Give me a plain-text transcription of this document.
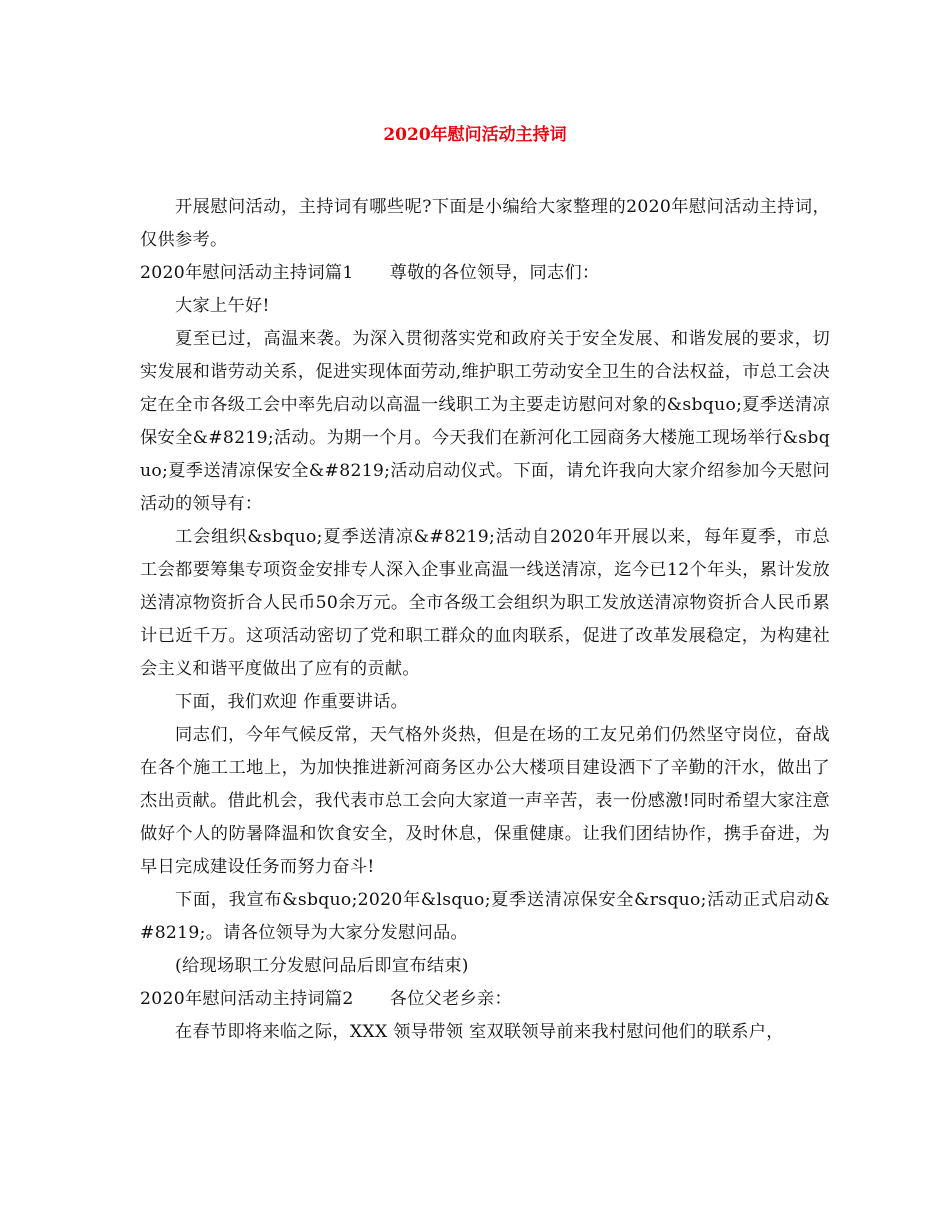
2020年慰问活动主持词

开展慰问活动，主持词有哪些呢?下面是小编给大家整理的2020年慰问活动主持词，仅供参考。

2020年慰问活动主持词篇1 尊敬的各位领导，同志们：

大家上午好!

夏至已过，高温来袭。为深入贯彻落实党和政府关于安全发展、和谐发展的要求，切实发展和谐劳动关系，促进实现体面劳动,维护职工劳动安全卫生的合法权益，市总工会决定在全市各级工会中率先启动以高温一线职工为主要走访慰问对象的&sbquo;夏季送清凉保安全&#8219;活动。为期一个月。今天我们在新河化工园商务大楼施工现场举行&sbquo;夏季送清凉保安全&#8219;活动启动仪式。下面，请允许我向大家介绍参加今天慰问活动的领导有：

工会组织&sbquo;夏季送清凉&#8219;活动自2020年开展以来，每年夏季，市总工会都要筹集专项资金安排专人深入企事业高温一线送清凉，迄今已12个年头，累计发放送清凉物资折合人民币50余万元。全市各级工会组织为职工发放送清凉物资折合人民币累计已近千万。这项活动密切了党和职工群众的血肉联系，促进了改革发展稳定，为构建社会主义和谐平度做出了应有的贡献。

下面，我们欢迎 作重要讲话。

同志们，今年气候反常，天气格外炎热，但是在场的工友兄弟们仍然坚守岗位，奋战在各个施工工地上，为加快推进新河商务区办公大楼项目建设洒下了辛勤的汗水，做出了杰出贡献。借此机会，我代表市总工会向大家道一声辛苦，表一份感激!同时希望大家注意做好个人的防暑降温和饮食安全，及时休息，保重健康。让我们团结协作，携手奋进，为早日完成建设任务而努力奋斗!

下面，我宣布&sbquo;2020年&lsquo;夏季送清凉保安全&rsquo;活动正式启动&#8219;。请各位领导为大家分发慰问品。

(给现场职工分发慰问品后即宣布结束)

2020年慰问活动主持词篇2 各位父老乡亲：

在春节即将来临之际，XXX 领导带领 室双联领导前来我村慰问他们的联系户，
